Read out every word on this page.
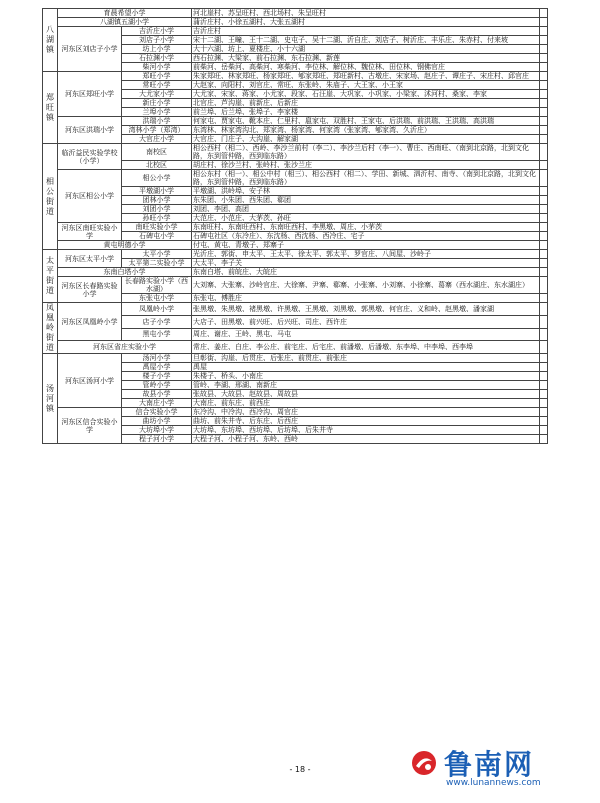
八湖镇	育晨希望小学		河北崖村、苏呈旺村、西北场村、朱呈旺村	
	八湖镇五湖小学		蒲沂庄村、小徐五湖村、大张五湖村	
	河东区刘店子小学	吉沂庄小学	吉沂庄村	
		刘店子小学	宋十二湖、王疃、王十二湖、史屯子、吴十二湖、沂自庄、刘店子、树沂庄、丰乐庄、朱赤村、付来坡	
		坊上小学	大十六湖、坊上、夏楼庄、小十六湖	
		石拉渊小学	西石拉渊、大梁家、前石拉渊、东石拉渊、新莲	
		柴河小学	前柴河、岳柴河、高柴河、寒柴河、李位林、解位林、魏位林、田位林、钢佛官庄	
郑旺镇	河东区郑旺小学	郑旺小学	朱家郑旺、林家郑旺、杨家郑旺、郇家郑旺、郑旺新村、古墩庄、宋家场、赵庄子、谭庄子、宋庄村、邱官庄	
		常旺小学	大赵家、向阳村、刘官庄、常旺、东张岭、朱庙子、大王家、小王家	
		大尤家小学	大尤家、宋家、蒋家、小尤家、段家、石汪崖、大巩家、小巩家、小梁家、沭河村、桑家、李家	
		新庄小学	北官庄、芦沟崖、前新庄、后新庄	
		兰埠小学	前兰埠、后兰埠、张埠子、李家楼	
	河东区洪瑞小学	洪瑞小学	何家屯、贾家屯、靴本庄、仁里村、扈家屯、双胜村、王家屯、后洪瑞、前洪瑞、王洪瑞、高洪瑞	
		湾林小学（郑湾）	东湾林、林家湾沟北、郑家湾、杨家湾、何家湾（张家湾、郇家湾、久沂庄）	
		大官庄小学	大官庄、门庄子、大沟崖、解家湖	
相公街道	临沂益民实验学校（小学）	南校区	相公西村（相二）、西岭、李沙兰前村（李二）、李沙兰后村（李一）、曹庄、西南旺、（南到北京路，北到文化路，东到管仲路，西到临东路）	
		北校区	胡庄村、徐沙兰村、张岭村、张沙兰庄	
	河东区相公小学	相公小学	相公东村（相一）、相公中村（相三）、相公西村（相二）、学田、新城、泗沂村、南寺、（南到北京路，北到文化路，东到管仲路，西到临东路）	
		平墩湖小学	平墩湖、洪岭埠、安子林	
		团林小学	东朱团、小朱团、西朱团、郗团	
		刘团小学	刘团、李团、高团	
		孙旺小学	大范庄、小范庄、大茅茨、孙旺	
	河东区南旺实验小学	南旺实验小学	东南旺村、东南旺西村、东南旺西村、李黑墩、周庄、小茅茨	
		石碑屯小学	石碑屯社区（东冷庄）、东沈杨、西沈杨、西冷庄、宅子	
	黄屯明德小学		付屯、黄屯、青墩子、郑寨子	
太平街道	河东区太平小学	太平小学	光沂庄、郭街、申太平、王太平、徐太平、郭太平、罗官庄、八间屋、沙岭子	
		太平第二实验小学	大太平、李子关	
	东南白塔小学		东南白塔、前皖庄、大皖庄	
	河东区长春路实验小学	长春路实验小学（西水湖）	大刘寨、大张寨、沙岭官庄、大徐寨、尹寨、郗寨、小张寨、小刘寨、小徐寨、葛寨（西水湖庄、东水湖庄）	
		东张屯小学	东张屯、傅胜庄	
凤凰岭街道	河东区凤凰岭小学	凤凰岭小学	张黑墩、朱黑墩、褚黑墩、许黑墩、王黑墩、刘黑墩、郭黑墩、何官庄、义和岭、赵黑墩、潘家湖	
		店子小学	大店子、田黑墩、前兴旺、后兴旺、司庄、西许庄	
		黑屯小学	周庄、谢庄、王岭、黑屯、马屯	
	河东区省庄实验小学		常庄、姜庄、白庄、李公庄、前宅庄、后宅庄、前潘墩、后潘墩、东李埠、中李埠、西李埠	
汤河镇	河东区汤河小学	汤河小学	旦彰街、沟崖、后贯庄、后张庄、前贯庄、前张庄	
		禹屋小学	禹屋	
		楼子小学	朱楼子、桥头、小南庄	
		管岭小学	管岭、李湖、邢湖、南新庄	
		故县小学	张故县、大故县、赵故县、周故县	
		大南庄小学	大南庄、前东庄、前西庄	
	河东区信合实验小学	信合实验小学	东冷沟、中冷沟、西冷沟、周官庄	
		曲坊小学	曲坊、前朱井寺、后东庄、后西庄	
		大坊埠小学	大坊埠、东坊埠、西坊埠、后坊埠、后朱井寺	
		程子河小学	大程子河、小程子河、东岭、西岭	
- 18 -	鲁南网
www.lunannews.com
